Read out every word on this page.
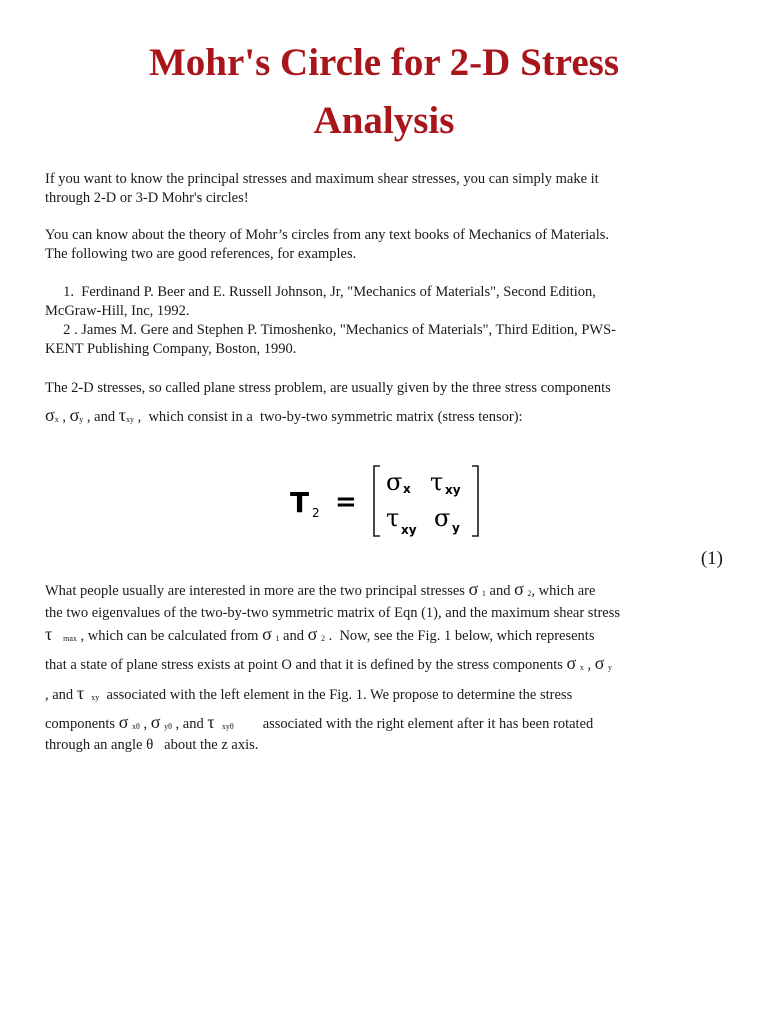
Mohr's Circle for 2-D Stress
Analysis
If you want to know the principal stresses and maximum shear stresses, you can simply make it
through 2-D or 3-D Mohr's circles!
You can know about the theory of Mohr’s circles from any text books of Mechanics of Materials.
The following two are good references, for examples.
1.  Ferdinand P. Beer and E. Russell Johnson, Jr, "Mechanics of Materials", Second Edition,
McGraw-Hill, Inc, 1992.
2 . James M. Gere and Stephen P. Timoshenko, "Mechanics of Materials", Third Edition, PWS-
KENT Publishing Company, Boston, 1990.
The 2-D stresses, so called plane stress problem, are usually given by the three stress components
σx , σy , and τxy ,  which consist in a  two-by-two symmetric matrix (stress tensor):
T 2 =
σ x τ xy
τ xy σ y
(1)
What people usually are interested in more are the two principal stresses σ 1 and σ 2, which are
the two eigenvalues of the two-by-two symmetric matrix of Eqn (1), and the maximum shear stress
τ max , which can be calculated from σ 1 and σ 2 .  Now, see the Fig. 1 below, which represents
that a state of plane stress exists at point O and that it is defined by the stress components σ x , σ y
, and τ xy  associated with the left element in the Fig. 1. We propose to determine the stress
components σ xθ , σ yθ , and τ xyθ associated with the right element after it has been rotated
through an angle θ   about the z axis.
